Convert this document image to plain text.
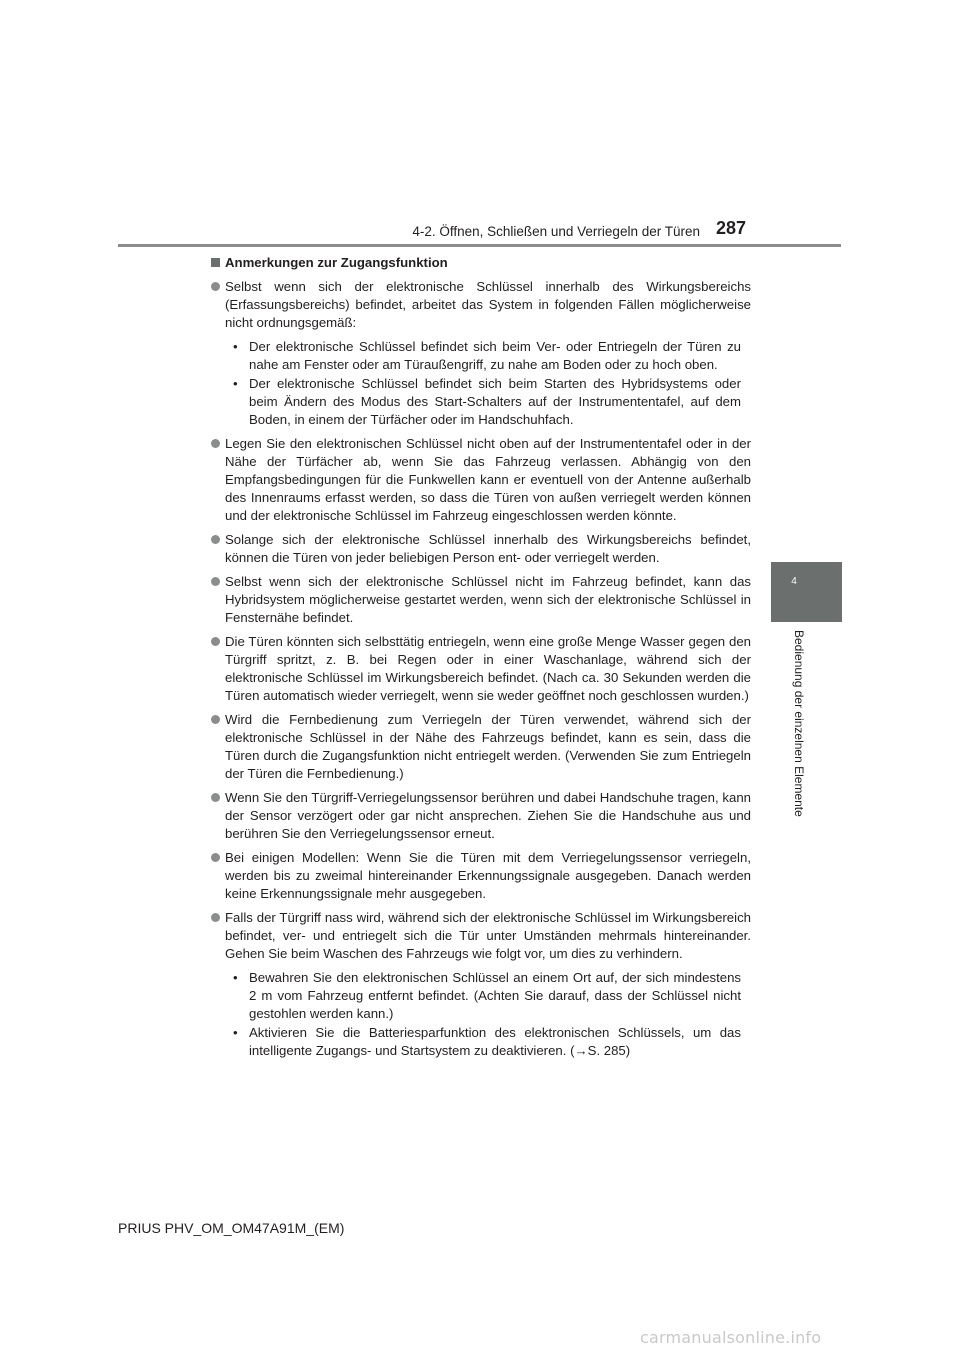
4-2. Öffnen, Schließen und Verriegeln der Türen 287
4
Bedienung der einzelnen Elemente
Anmerkungen zur Zugangsfunktion
Selbst wenn sich der elektronische Schlüssel innerhalb des Wirkungsbereichs (Erfassungsbereichs) befindet, arbeitet das System in folgenden Fällen möglicherweise nicht ordnungsgemäß:
• Der elektronische Schlüssel befindet sich beim Ver- oder Entriegeln der Türen zu nahe am Fenster oder am Türaußengriff, zu nahe am Boden oder zu hoch oben.
• Der elektronische Schlüssel befindet sich beim Starten des Hybridsystems oder beim Ändern des Modus des Start-Schalters auf der Instrumententafel, auf dem Boden, in einem der Türfächer oder im Handschuhfach.
Legen Sie den elektronischen Schlüssel nicht oben auf der Instrumententafel oder in der Nähe der Türfächer ab, wenn Sie das Fahrzeug verlassen. Abhängig von den Empfangsbedingungen für die Funkwellen kann er eventuell von der Antenne außerhalb des Innenraums erfasst werden, so dass die Türen von außen verriegelt werden können und der elektronische Schlüssel im Fahrzeug eingeschlossen werden könnte.
Solange sich der elektronische Schlüssel innerhalb des Wirkungsbereichs befindet, können die Türen von jeder beliebigen Person ent- oder verriegelt werden.
Selbst wenn sich der elektronische Schlüssel nicht im Fahrzeug befindet, kann das Hybridsystem möglicherweise gestartet werden, wenn sich der elektronische Schlüssel in Fensternähe befindet.
Die Türen könnten sich selbsttätig entriegeln, wenn eine große Menge Wasser gegen den Türgriff spritzt, z. B. bei Regen oder in einer Waschanlage, während sich der elektronische Schlüssel im Wirkungsbereich befindet. (Nach ca. 30 Sekunden werden die Türen automatisch wieder verriegelt, wenn sie weder geöffnet noch geschlossen wurden.)
Wird die Fernbedienung zum Verriegeln der Türen verwendet, während sich der elektronische Schlüssel in der Nähe des Fahrzeugs befindet, kann es sein, dass die Türen durch die Zugangsfunktion nicht entriegelt werden. (Verwenden Sie zum Entriegeln der Türen die Fernbedienung.)
Wenn Sie den Türgriff-Verriegelungssensor berühren und dabei Handschuhe tragen, kann der Sensor verzögert oder gar nicht ansprechen. Ziehen Sie die Handschuhe aus und berühren Sie den Verriegelungssensor erneut.
Bei einigen Modellen: Wenn Sie die Türen mit dem Verriegelungssensor verriegeln, werden bis zu zweimal hintereinander Erkennungssignale ausgegeben. Danach werden keine Erkennungssignale mehr ausgegeben.
Falls der Türgriff nass wird, während sich der elektronische Schlüssel im Wirkungsbereich befindet, ver- und entriegelt sich die Tür unter Umständen mehrmals hintereinander. Gehen Sie beim Waschen des Fahrzeugs wie folgt vor, um dies zu verhindern.
• Bewahren Sie den elektronischen Schlüssel an einem Ort auf, der sich mindestens 2 m vom Fahrzeug entfernt befindet. (Achten Sie darauf, dass der Schlüssel nicht gestohlen werden kann.)
• Aktivieren Sie die Batteriesparfunktion des elektronischen Schlüssels, um das intelligente Zugangs- und Startsystem zu deaktivieren. (→S. 285)
PRIUS PHV_OM_OM47A91M_(EM)
carmanualsonline.info
